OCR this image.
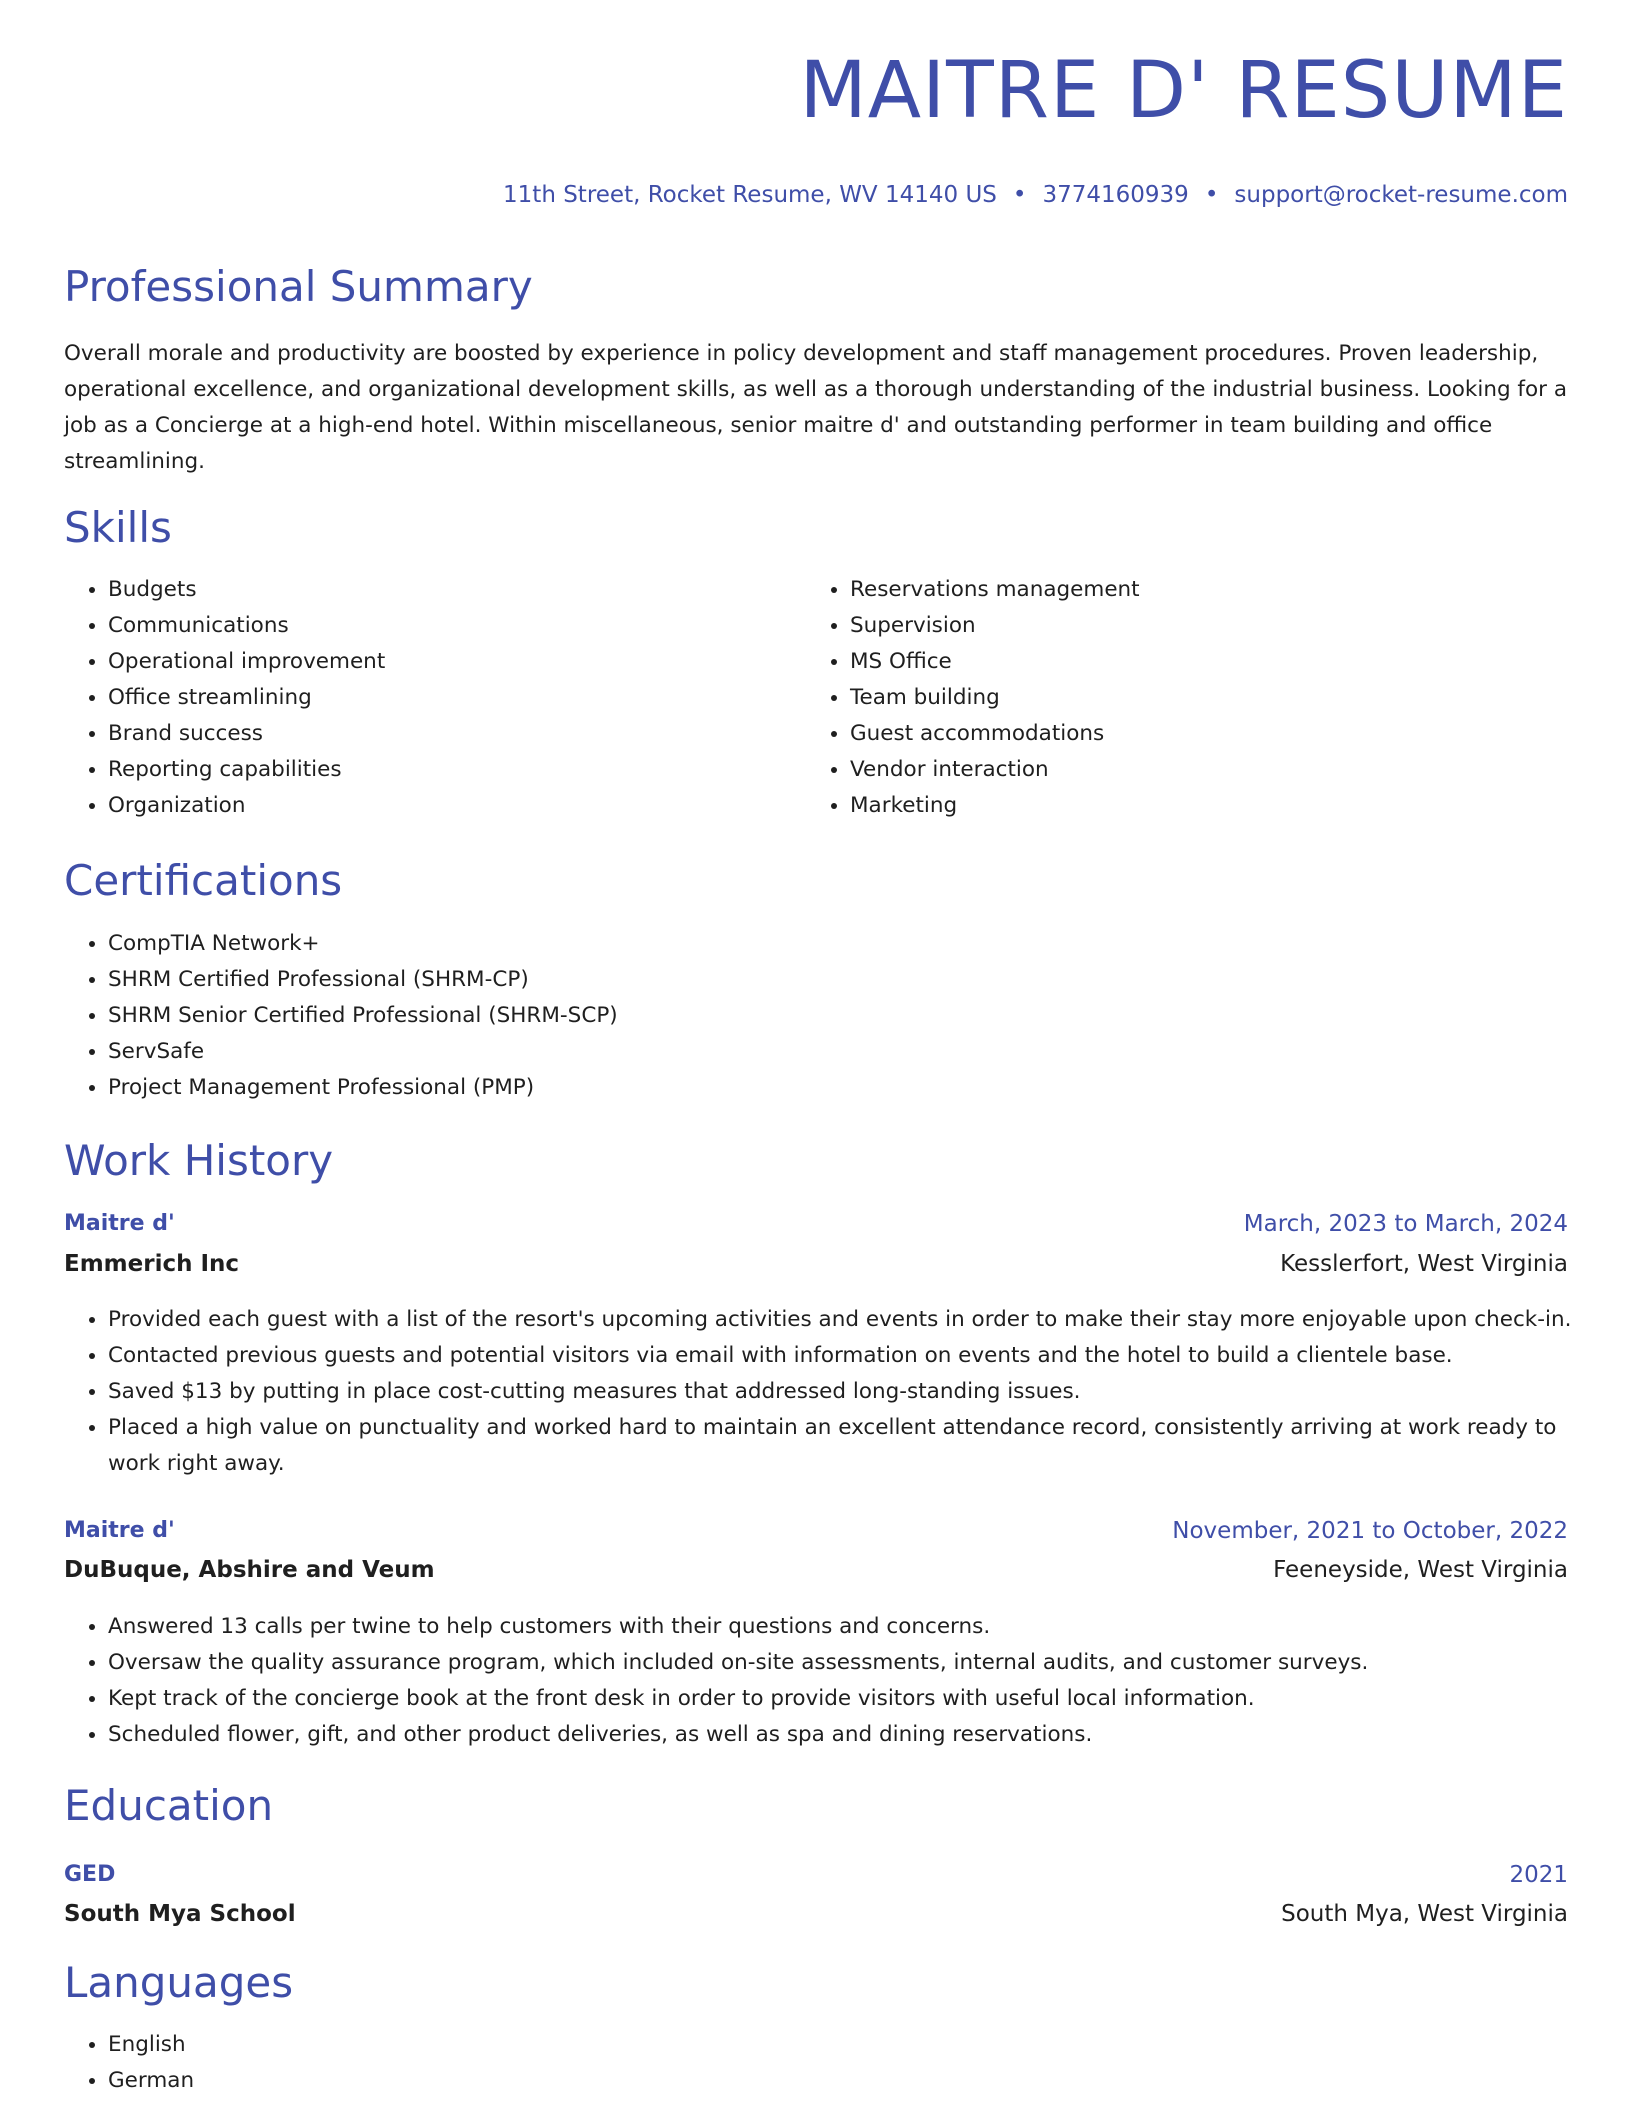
MAITRE D' RESUME
11th Street, Rocket Resume, WV 14140 US • 3774160939 • support@rocket-resume.com
Professional Summary

Overall morale and productivity are boosted by experience in policy development and staff management procedures. Proven leadership, operational excellence, and organizational development skills, as well as a thorough understanding of the industrial business. Looking for a job as a Concierge at a high-end hotel. Within miscellaneous, senior maitre d' and outstanding performer in team building and office streamlining.

Skills
• Budgets
• Communications
• Operational improvement
• Office streamlining
• Brand success
• Reporting capabilities
• Organization
• Reservations management
• Supervision
• MS Office
• Team building
• Guest accommodations
• Vendor interaction
• Marketing
Certifications
• CompTIA Network+
• SHRM Certified Professional (SHRM-CP)
• SHRM Senior Certified Professional (SHRM-SCP)
• ServSafe
• Project Management Professional (PMP)
Work History
Maitre d'	March, 2023 to March, 2024
Emmerich Inc	Kesslerfort, West Virginia
• Provided each guest with a list of the resort's upcoming activities and events in order to make their stay more enjoyable upon check-in.
• Contacted previous guests and potential visitors via email with information on events and the hotel to build a clientele base.
• Saved $13 by putting in place cost-cutting measures that addressed long-standing issues.
• Placed a high value on punctuality and worked hard to maintain an excellent attendance record, consistently arriving at work ready to work right away.
Maitre d'	November, 2021 to October, 2022
DuBuque, Abshire and Veum	Feeneyside, West Virginia
• Answered 13 calls per twine to help customers with their questions and concerns.
• Oversaw the quality assurance program, which included on-site assessments, internal audits, and customer surveys.
• Kept track of the concierge book at the front desk in order to provide visitors with useful local information.
• Scheduled flower, gift, and other product deliveries, as well as spa and dining reservations.
Education
GED	2021
South Mya School	South Mya, West Virginia
Languages
• English
• German
